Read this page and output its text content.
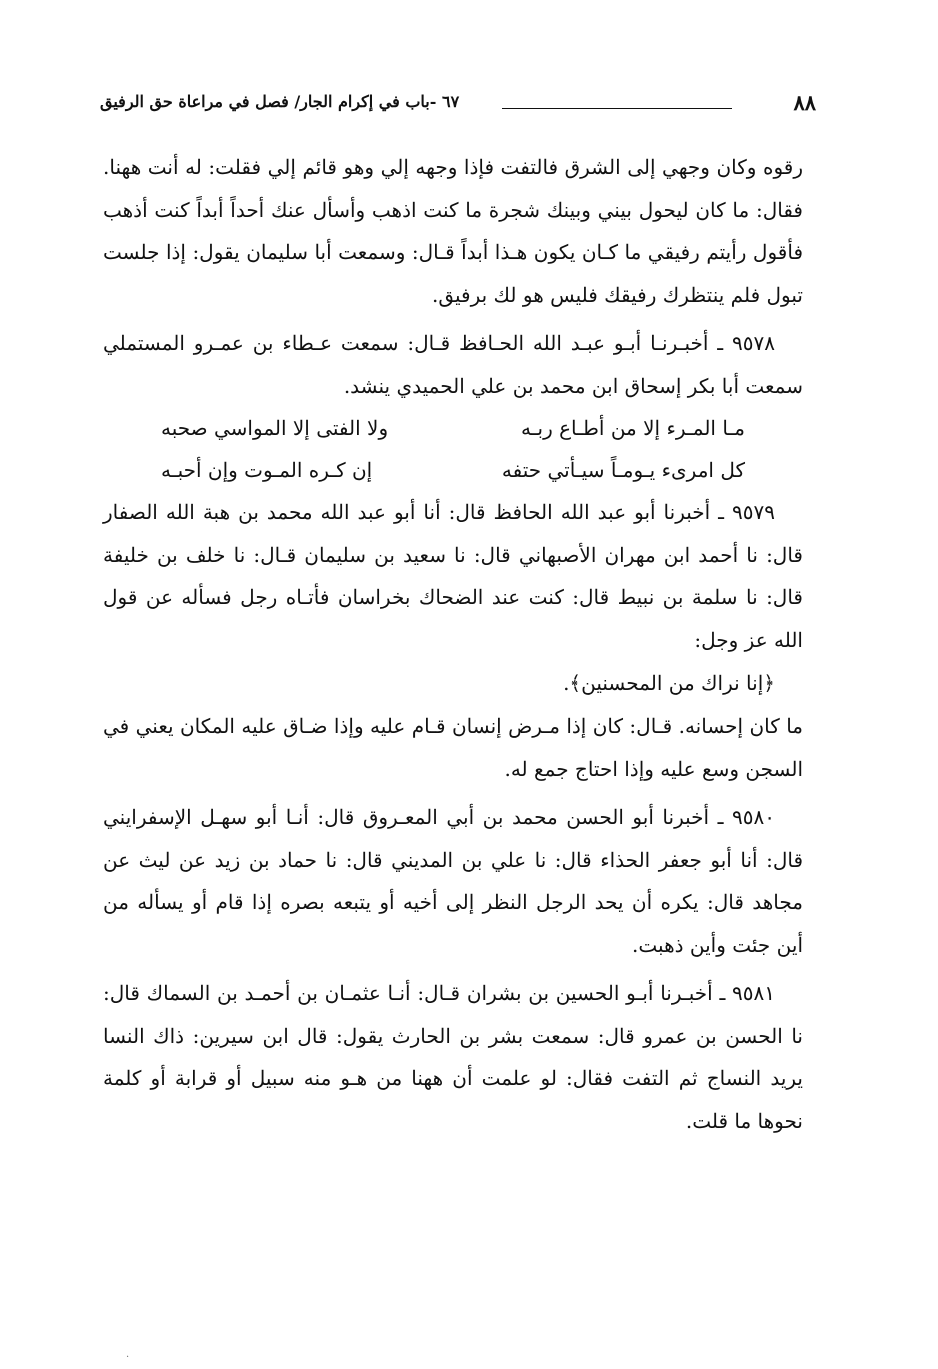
٨٨
٦٧ -باب في إكرام الجار/ فصل في مراعاة حق الرفيق

رقوه وكان وجهي إلى الشرق فالتفت فإذا وجهه إلي وهو قائم إلي فقلت: له أنت هھنا. فقال: ما كان ليحول بيني وبينك شجرة ما كنت اذهب وأسأل عنك أحداً أبداً كنت أذهب فأقول رأيتم رفيقي ما كـان يكون هـذا أبداً قـال: وسمعت أبا سليمان يقول: إذا جلست تبول فلم ينتظرك رفيقك فليس هو لك برفيق.

٩٥٧٨ ـ أخبـرنـا أبـو عبـد الله الحـافظ قـال: سمعت عـطاء بن عمـرو المستملي سمعت أبا بكر إسحاق ابن محمد بن علي الحميدي ينشد.

مـا المـرء إلا من أطـاع ربـه
ولا الفتى إلا المواسي صحبه
كل امرىء يـومـاً سيـأتي حتفه
إن كـره المـوت وإن أحبـه

٩٥٧٩ ـ أخبرنا أبو عبد الله الحافظ قال: أنا أبو عبد الله محمد بن هبة الله الصفار قال: نا أحمد ابن مهران الأصبهاني قال: نا سعيد بن سليمان قـال: نا خلف بن خليفة قال: نا سلمة بن نبيط قال: كنت عند الضحاك بخراسان فأتـاه رجل فسأله عن قول الله عز وجل:

﴿إنا نراك من المحسنين﴾.

ما كان إحسانه. قـال: كان إذا مـرض إنسان قـام عليه وإذا ضـاق عليه المكان يعني في السجن وسع عليه وإذا احتاج جمع له.

٩٥٨٠ ـ أخبرنا أبو الحسن محمد بن أبي المعـروق قال: أنـا أبو سهـل الإسفرايني قال: أنا أبو جعفر الحذاء قال: نا علي بن المديني قال: نا حماد بن زيد عن ليث عن مجاهد قال: يكره أن يحد الرجل النظر إلى أخيه أو يتبعه بصره إذا قام أو يسأله من أين جئت وأين ذهبت.

٩٥٨١ ـ أخبـرنا أبـو الحسين بن بشران قـال: أنـا عثمـان بن أحمـد بن السماك قال: نا الحسن بن عمرو قال: سمعت بشر بن الحارث يقول: قال ابن سيرين: ذاك النسا يريد النساج ثم التفت فقال: لو علمت أن ههنا من هـو منه سبيل أو قرابة أو كلمة نحوها ما قلت.

·
